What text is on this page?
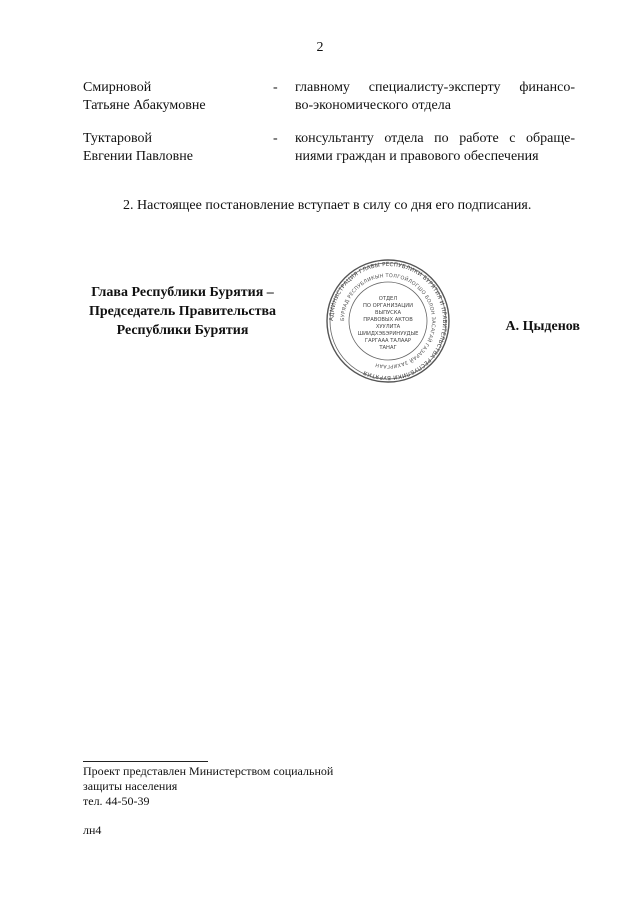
2
Смирновой
Татьяне Абакумовне
- главному специалисту-эксперту финансо-
во-экономического отдела
Туктаровой
Евгении Павловне
- консультанту отдела по работе с обраще-
ниями граждан и правового обеспечения
2. Настоящее постановление вступает в силу со дня его подписания.
Глава Республики Бурятия –
Председатель Правительства
Республики Бурятия
АДМИНИСТРАЦИЯ ГЛАВЫ РЕСПУБЛИКИ БУРЯТИЯ И ПРАВИТЕЛЬСТВА РЕСПУБЛИКИ БУРЯТИЯ
БУРЯАД РЕСПУБЛИКЫН ТОЛГОЙЛОГШО БОЛОН ЗАСАГАЙ ГАЗАРАЙ ЗАХИРГААН
ОТДЕЛ
ПО ОРГАНИЗАЦИИ
ВЫПУСКА
ПРАВОВЫХ АКТОВ
ХУУЛИТА
ШИИДХЭБЭРИНУУДЫЕ
ГАРГААА ТАЛААР
ТАНАГ
А. Цыденов
Проект представлен Министерством социальной
защиты населения
тел. 44-50-39
лн4
